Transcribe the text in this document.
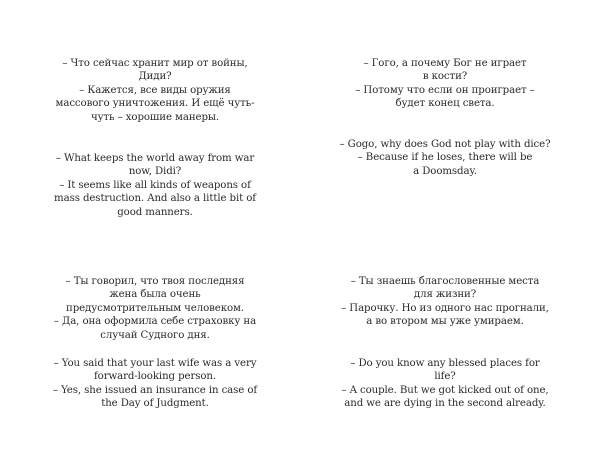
– Что сейчас хранит мир от войны,
Диди?
– Кажется, все виды оружия
массового уничтожения. И ещё чуть-
чуть – хорошие манеры.

– What keeps the world away from war
now, Didi?
– It seems like all kinds of weapons of
mass destruction. And also a little bit of
good manners.

– Гого, а почему Бог не играет
в кости?
– Потому что если он проиграет –
будет конец света.

– Gogo, why does God not play with dice?
– Because if he loses, there will be
a Doomsday.

– Ты говорил, что твоя последняя
жена была очень
предусмотрительным человеком.
– Да, она оформила себе страховку на
случай Судного дня.

– You said that your last wife was a very
forward-looking person.
– Yes, she issued an insurance in case of
the Day of Judgment.

– Ты знаешь благословенные места
для жизни?
– Парочку. Но из одного нас прогнали,
а во втором мы уже умираем.

– Do you know any blessed places for
life?
– A couple. But we got kicked out of one,
and we are dying in the second already.
